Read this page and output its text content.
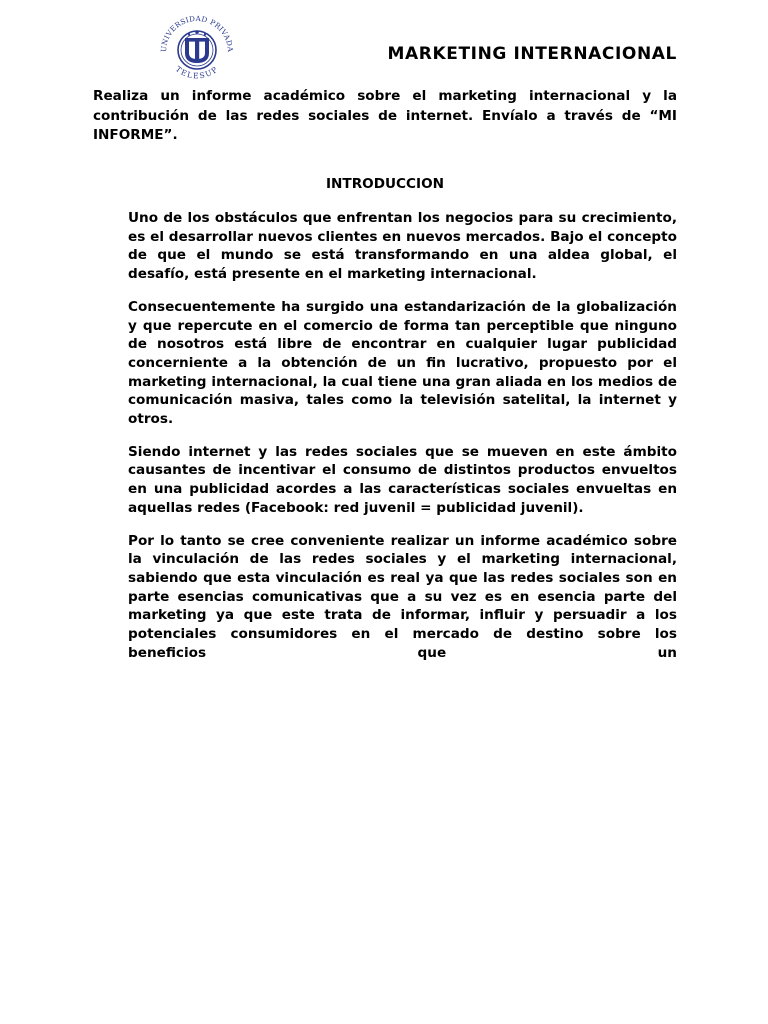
UNIVERSIDAD PRIVADA
TELESUP
MARKETING INTERNACIONAL

Realiza un informe académico sobre el marketing internacional y la contribución de las redes sociales de internet. Envíalo a través de “MI INFORME”.

INTRODUCCION

Uno de los obstáculos que enfrentan los negocios para su crecimiento, es el desarrollar nuevos clientes en nuevos mercados. Bajo el concepto de que el mundo se está transformando en una aldea global, el desafío, está presente en el marketing internacional.

Consecuentemente ha surgido una estandarización de la globalización y que repercute en el comercio de forma tan perceptible que ninguno de nosotros está libre de encontrar en cualquier lugar publicidad concerniente a la obtención de un fin lucrativo, propuesto por el marketing internacional, la cual tiene una gran aliada en los medios de comunicación masiva, tales como la televisión satelital, la internet y otros.

Siendo internet y las redes sociales que se mueven en este ámbito causantes de incentivar el consumo de distintos productos envueltos en una publicidad acordes a las características sociales envueltas en aquellas redes (Facebook: red juvenil = publicidad juvenil).

Por lo tanto se cree conveniente realizar un informe académico sobre la vinculación de las redes sociales y el marketing internacional, sabiendo que esta vinculación es real ya que las redes sociales son en parte esencias comunicativas que a su vez es en esencia parte del marketing ya que este trata de informar, influir y persuadir a los potenciales consumidores en el mercado de destino sobre los beneficios que un
